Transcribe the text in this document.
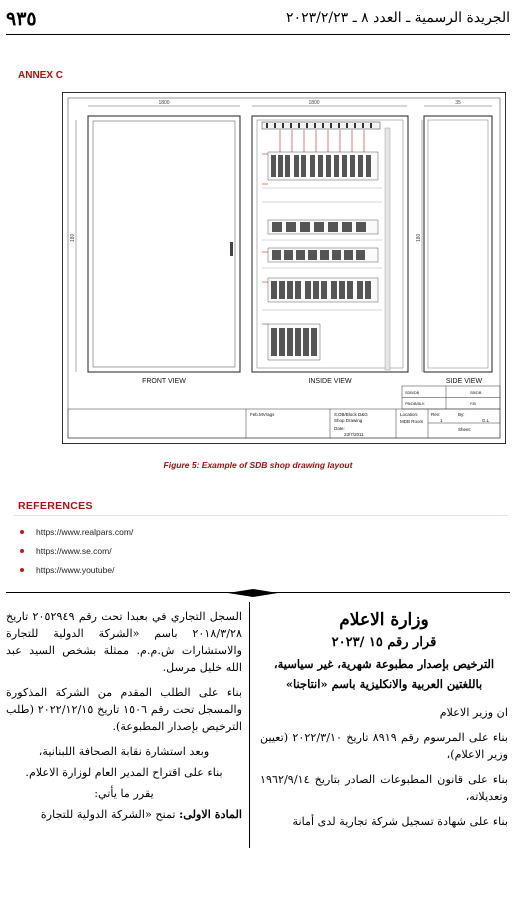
٩٣٥	الجريدة الرسمية ـ العدد ٨ ـ ٢٠٢٣/٢/٢٣
ANNEX C
1800	1800	35
180	180
FRONT VIEW	INSIDE VIEW	SIDE VIEW
Feb.MVrags	S.DB/Block D&G
Shop Drawing
Date:
23/7/2011
Location:
MDB Room
Rev:
1
By:
G.L
Sheet:
SDB/DB	SB/DB
PB/DB/BLK	F/B
Figure 5: Example of SDB shop drawing layout
REFERENCES
https://www.realpars.com/
https://www.se.com/
https://www.youtube/
وزارة الاعلام
قرار رقم ١٥ /٢٠٢٣
الترخيص بإصدار مطبوعة شهرية، غير سياسية، باللغتين العربية والانكليزية باسم «انتاجنا»

ان وزير الاعلام

بناء على المرسوم رقم ٨٩١٩ تاريخ ٢٠٢٢/٣/١٠ (تعيين وزير الاعلام)،

بناء على قانون المطبوعات الصادر بتاريخ ١٩٦٢/٩/١٤ وتعديلاته،

بناء على شهادة تسجيل شركة تجارية لدى أمانة

السجل التجاري في بعبدا تحت رقم ٢٠٥٢٩٤٩ تاريخ ٢٠١٨/٣/٢٨ باسم «الشركة الدولية للتجارة والاستشارات ش.م.م. ممثلة بشخص السيد عبد الله خليل مرسل.

بناء على الطلب المقدم من الشركة المذكورة والمسجل تحت رقم ١٥٠٦ تاريخ ٢٠٢٢/١٢/١٥ (طلب الترخيص بإصدار المطبوعة).

وبعد استشارة نقابة الصحافة اللبنانية،

بناء على اقتراح المدير العام لوزارة الاعلام.

يقرر ما يأتي:

المادة الاولى: تمنح «الشركة الدولية للتجارة
